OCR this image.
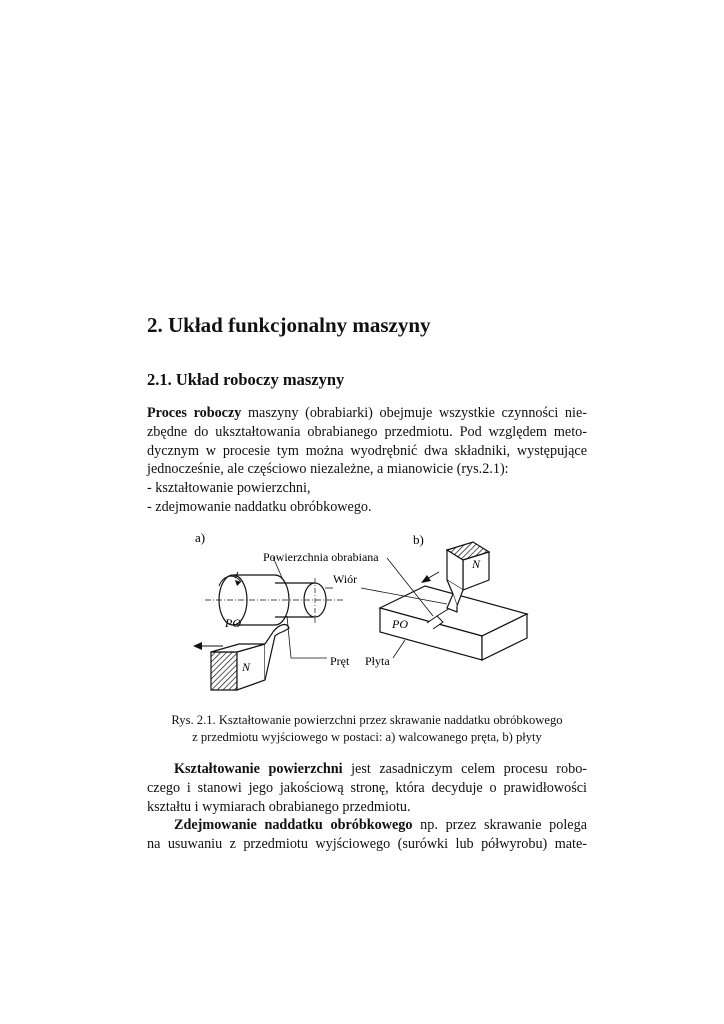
2. Układ funkcjonalny maszyny
2.1. Układ roboczy maszyny
Proces roboczy maszyny (obrabiarki) obejmuje wszystkie czynności nie-
zbędne do ukształtowania obrabianego przedmiotu. Pod względem meto-
dycznym w procesie tym można wyodrębnić dwa składniki, występujące
jednocześnie, ale częściowo niezależne, a mianowicie (rys.2.1):
- kształtowanie powierzchni,
- zdejmowanie naddatku obróbkowego.
a)
PO
N
Powierzchnia obrabiana
Wiór
Pręt Płyta
b)
PO
N
Rys. 2.1. Kształtowanie powierzchni przez skrawanie naddatku obróbkowego
z przedmiotu wyjściowego w postaci: a) walcowanego pręta, b) płyty
Kształtowanie powierzchni jest zasadniczym celem procesu robo-
czego i stanowi jego jakościową stronę, która decyduje o prawidłowości
kształtu i wymiarach obrabianego przedmiotu.
Zdejmowanie naddatku obróbkowego np. przez skrawanie polega
na usuwaniu z przedmiotu wyjściowego (surówki lub półwyrobu) mate-
